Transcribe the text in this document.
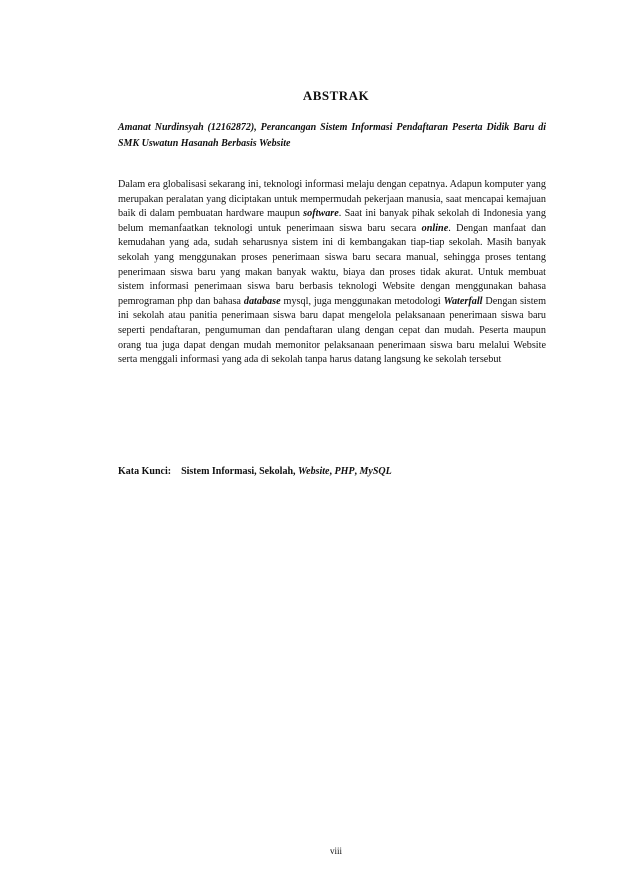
ABSTRAK
Amanat Nurdinsyah (12162872), Perancangan Sistem Informasi Pendaftaran Peserta Didik Baru di SMK Uswatun Hasanah Berbasis Website
Dalam era globalisasi sekarang ini, teknologi informasi melaju dengan cepatnya. Adapun komputer yang merupakan peralatan yang diciptakan untuk mempermudah pekerjaan manusia, saat mencapai kemajuan baik di dalam pembuatan hardware maupun software. Saat ini banyak pihak sekolah di Indonesia yang belum memanfaatkan teknologi untuk penerimaan siswa baru secara online. Dengan manfaat dan kemudahan yang ada, sudah seharusnya sistem ini di kembangakan tiap-tiap sekolah. Masih banyak sekolah yang menggunakan proses penerimaan siswa baru secara manual, sehingga proses tentang penerimaan siswa baru yang makan banyak waktu, biaya dan proses tidak akurat. Untuk membuat sistem informasi penerimaan siswa baru berbasis teknologi Website dengan menggunakan bahasa pemrograman php dan bahasa database mysql, juga menggunakan metodologi Waterfall Dengan sistem ini sekolah atau panitia penerimaan siswa baru dapat mengelola pelaksanaan penerimaan siswa baru seperti pendaftaran, pengumuman dan pendaftaran ulang dengan cepat dan mudah. Peserta maupun orang tua juga dapat dengan mudah memonitor pelaksanaan penerimaan siswa baru melalui Website serta menggali informasi yang ada di sekolah tanpa harus datang langsung ke sekolah tersebut
Kata Kunci: Sistem Informasi, Sekolah, Website, PHP, MySQL
viii
